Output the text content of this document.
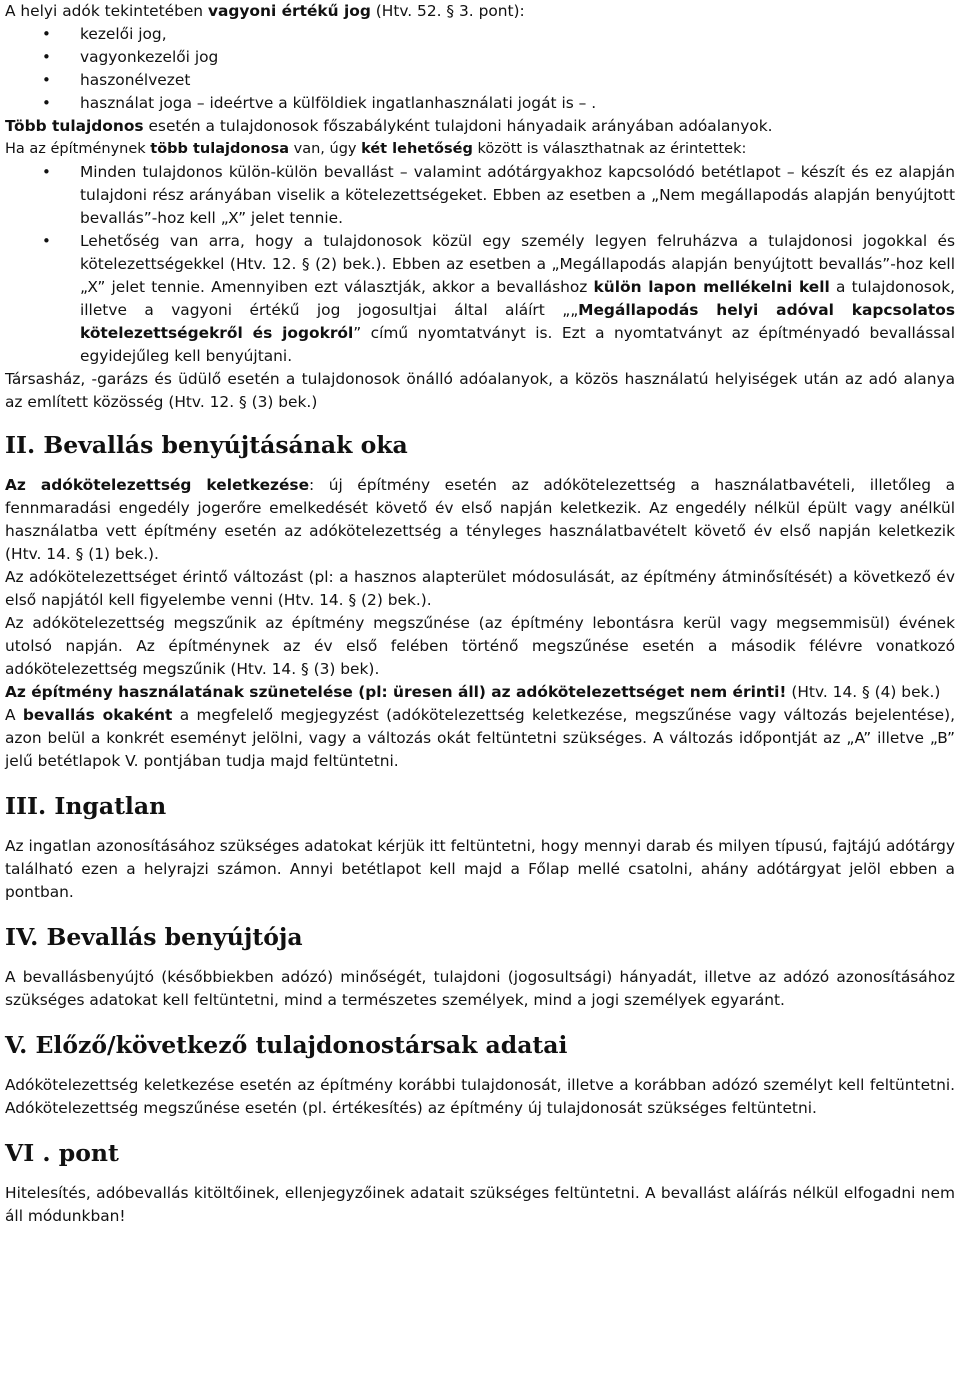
A helyi adók tekintetében vagyoni értékű jog (Htv. 52. § 3. pont):

• kezelői jog,
• vagyonkezelői jog
• haszonélvezet
• használat joga – ideértve a külföldiek ingatlanhasználati jogát is – .

Több tulajdonos esetén a tulajdonosok főszabályként tulajdoni hányadaik arányában adóalanyok.

Ha az építménynek több tulajdonosa van, úgy két lehetőség között is választhatnak az érintettek:

• Minden tulajdonos külön-külön bevallást – valamint adótárgyakhoz kapcsolódó betétlapot – készít és ez alapján tulajdoni rész arányában viselik a kötelezettségeket. Ebben az esetben a „Nem megállapodás alapján benyújtott bevallás”-hoz kell „X” jelet tennie.
• Lehetőség van arra, hogy a tulajdonosok közül egy személy legyen felruházva a tulajdonosi jogokkal és kötelezettségekkel (Htv. 12. § (2) bek.). Ebben az esetben a „Megállapodás alapján benyújtott bevallás”-hoz kell „X” jelet tennie. Amennyiben ezt választják, akkor a bevalláshoz külön lapon mellékelni kell a tulajdonosok, illetve a vagyoni értékű jog jogosultjai által aláírt „„Megállapodás helyi adóval kapcsolatos kötelezettségekről és jogokról” című nyomtatványt is. Ezt a nyomtatványt az építményadó bevallással egyidejűleg kell benyújtani.

Társasház, -garázs és üdülő esetén a tulajdonosok önálló adóalanyok, a közös használatú helyiségek után az adó alanya az említett közösség (Htv. 12. § (3) bek.)

II. Bevallás benyújtásának oka

Az adókötelezettség keletkezése: új építmény esetén az adókötelezettség a használatbavételi, illetőleg a fennmaradási engedély jogerőre emelkedését követő év első napján keletkezik. Az engedély nélkül épült vagy anélkül használatba vett építmény esetén az adókötelezettség a tényleges használatbavételt követő év első napján keletkezik (Htv. 14. § (1) bek.).

Az adókötelezettséget érintő változást (pl: a hasznos alapterület módosulását, az építmény átminősítését) a következő év első napjától kell figyelembe venni (Htv. 14. § (2) bek.).

Az adókötelezettség megszűnik az építmény megszűnése (az építmény lebontásra kerül vagy megsemmisül) évének utolsó napján. Az építménynek az év első felében történő megszűnése esetén a második félévre vonatkozó adókötelezettség megszűnik (Htv. 14. § (3) bek).

Az építmény használatának szünetelése (pl: üresen áll) az adókötelezettséget nem érinti! (Htv. 14. § (4) bek.)

A bevallás okaként a megfelelő megjegyzést (adókötelezettség keletkezése, megszűnése vagy változás bejelentése), azon belül a konkrét eseményt jelölni, vagy a változás okát feltüntetni szükséges. A változás időpontját az „A” illetve „B” jelű betétlapok V. pontjában tudja majd feltüntetni.

III. Ingatlan

Az ingatlan azonosításához szükséges adatokat kérjük itt feltüntetni, hogy mennyi darab és milyen típusú, fajtájú adótárgy található ezen a helyrajzi számon. Annyi betétlapot kell majd a Főlap mellé csatolni, ahány adótárgyat jelöl ebben a pontban.

IV. Bevallás benyújtója

A bevallásbenyújtó (későbbiekben adózó) minőségét, tulajdoni (jogosultsági) hányadát, illetve az adózó azonosításához szükséges adatokat kell feltüntetni, mind a természetes személyek, mind a jogi személyek egyaránt.

V. Előző/következő tulajdonostársak adatai

Adókötelezettség keletkezése esetén az építmény korábbi tulajdonosát, illetve a korábban adózó személyt kell feltüntetni. Adókötelezettség megszűnése esetén (pl. értékesítés) az építmény új tulajdonosát szükséges feltüntetni.

VI . pont

Hitelesítés, adóbevallás kitöltőinek, ellenjegyzőinek adatait szükséges feltüntetni. A bevallást aláírás nélkül elfogadni nem áll módunkban!
